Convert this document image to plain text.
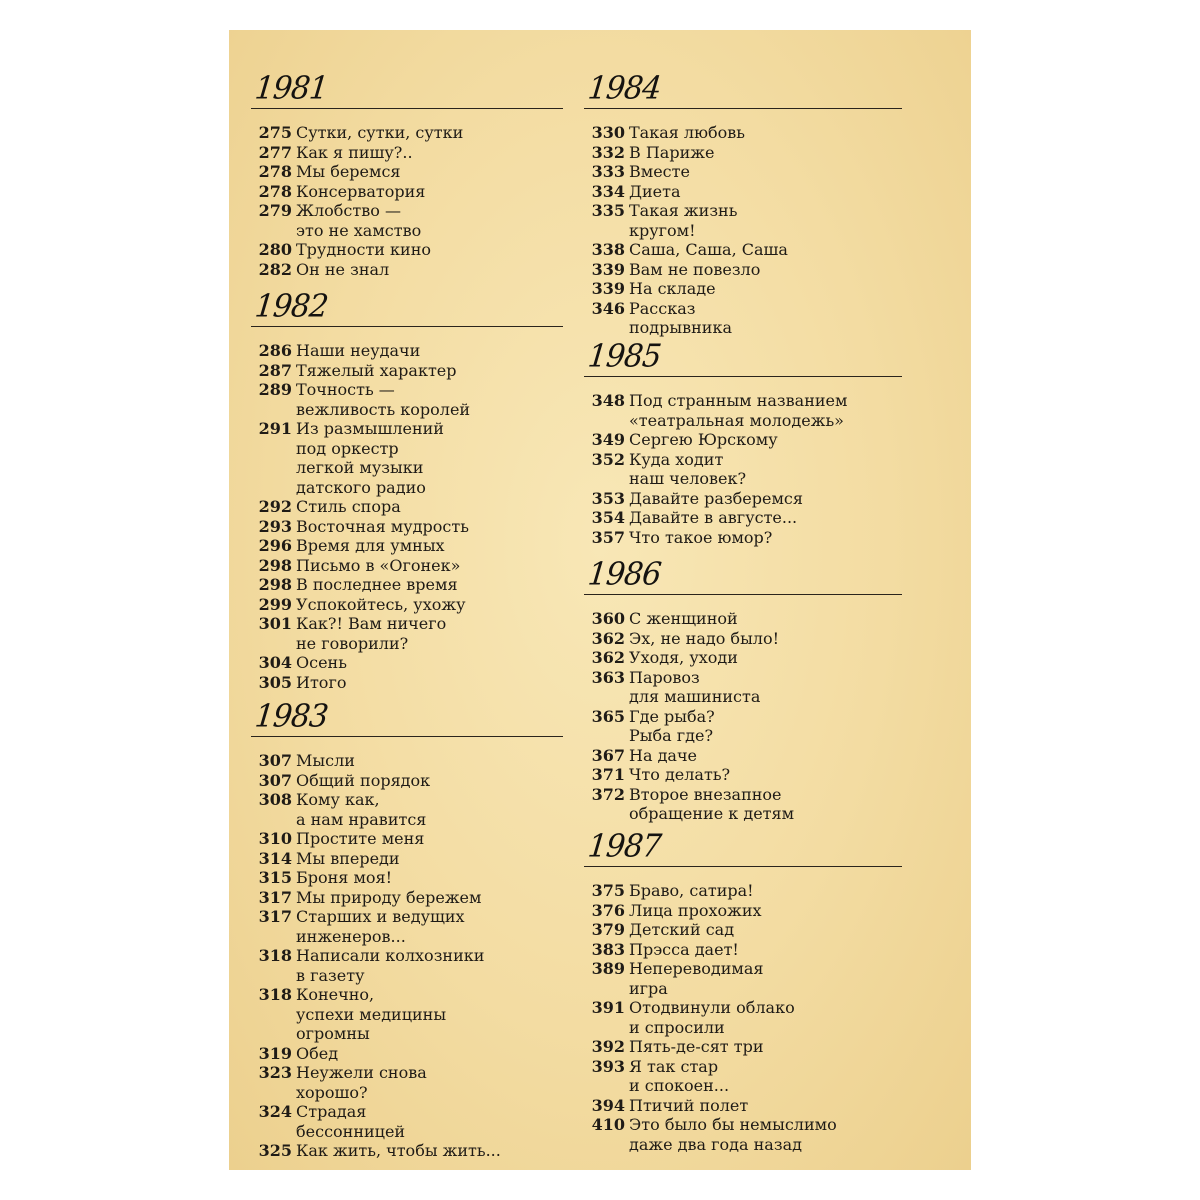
1981
275 Сутки, сутки, сутки
277 Как я пишу?..
278 Мы беремся
278 Консерватория
279 Жлобство —
это не хамство
280 Трудности кино
282 Он не знал
1982
286 Наши неудачи
287 Тяжелый характер
289 Точность —
вежливость королей
291 Из размышлений
под оркестр
легкой музыки
датского радио
292 Стиль спора
293 Восточная мудрость
296 Время для умных
298 Письмо в «Огонек»
298 В последнее время
299 Успокойтесь, ухожу
301 Как?! Вам ничего
не говорили?
304 Осень
305 Итого
1983
307 Мысли
307 Общий порядок
308 Кому как,
а нам нравится
310 Простите меня
314 Мы впереди
315 Броня моя!
317 Мы природу бережем
317 Старших и ведущих
инженеров...
318 Написали колхозники
в газету
318 Конечно,
успехи медицины
огромны
319 Обед
323 Неужели снова
хорошо?
324 Страдая
бессонницей
325 Как жить, чтобы жить...
1984
330 Такая любовь
332 В Париже
333 Вместе
334 Диета
335 Такая жизнь
кругом!
338 Саша, Саша, Саша
339 Вам не повезло
339 На складе
346 Рассказ
подрывника
1985
348 Под странным названием
«театральная молодежь»
349 Сергею Юрскому
352 Куда ходит
наш человек?
353 Давайте разберемся
354 Давайте в августе...
357 Что такое юмор?
1986
360 С женщиной
362 Эх, не надо было!
362 Уходя, уходи
363 Паровоз
для машиниста
365 Где рыба?
Рыба где?
367 На даче
371 Что делать?
372 Второе внезапное
обращение к детям
1987
375 Браво, сатира!
376 Лица прохожих
379 Детский сад
383 Прэсса дает!
389 Непереводимая
игра
391 Отодвинули облако
и спросили
392 Пять-де-сят три
393 Я так стар
и спокоен...
394 Птичий полет
410 Это было бы немыслимо
даже два года назад
